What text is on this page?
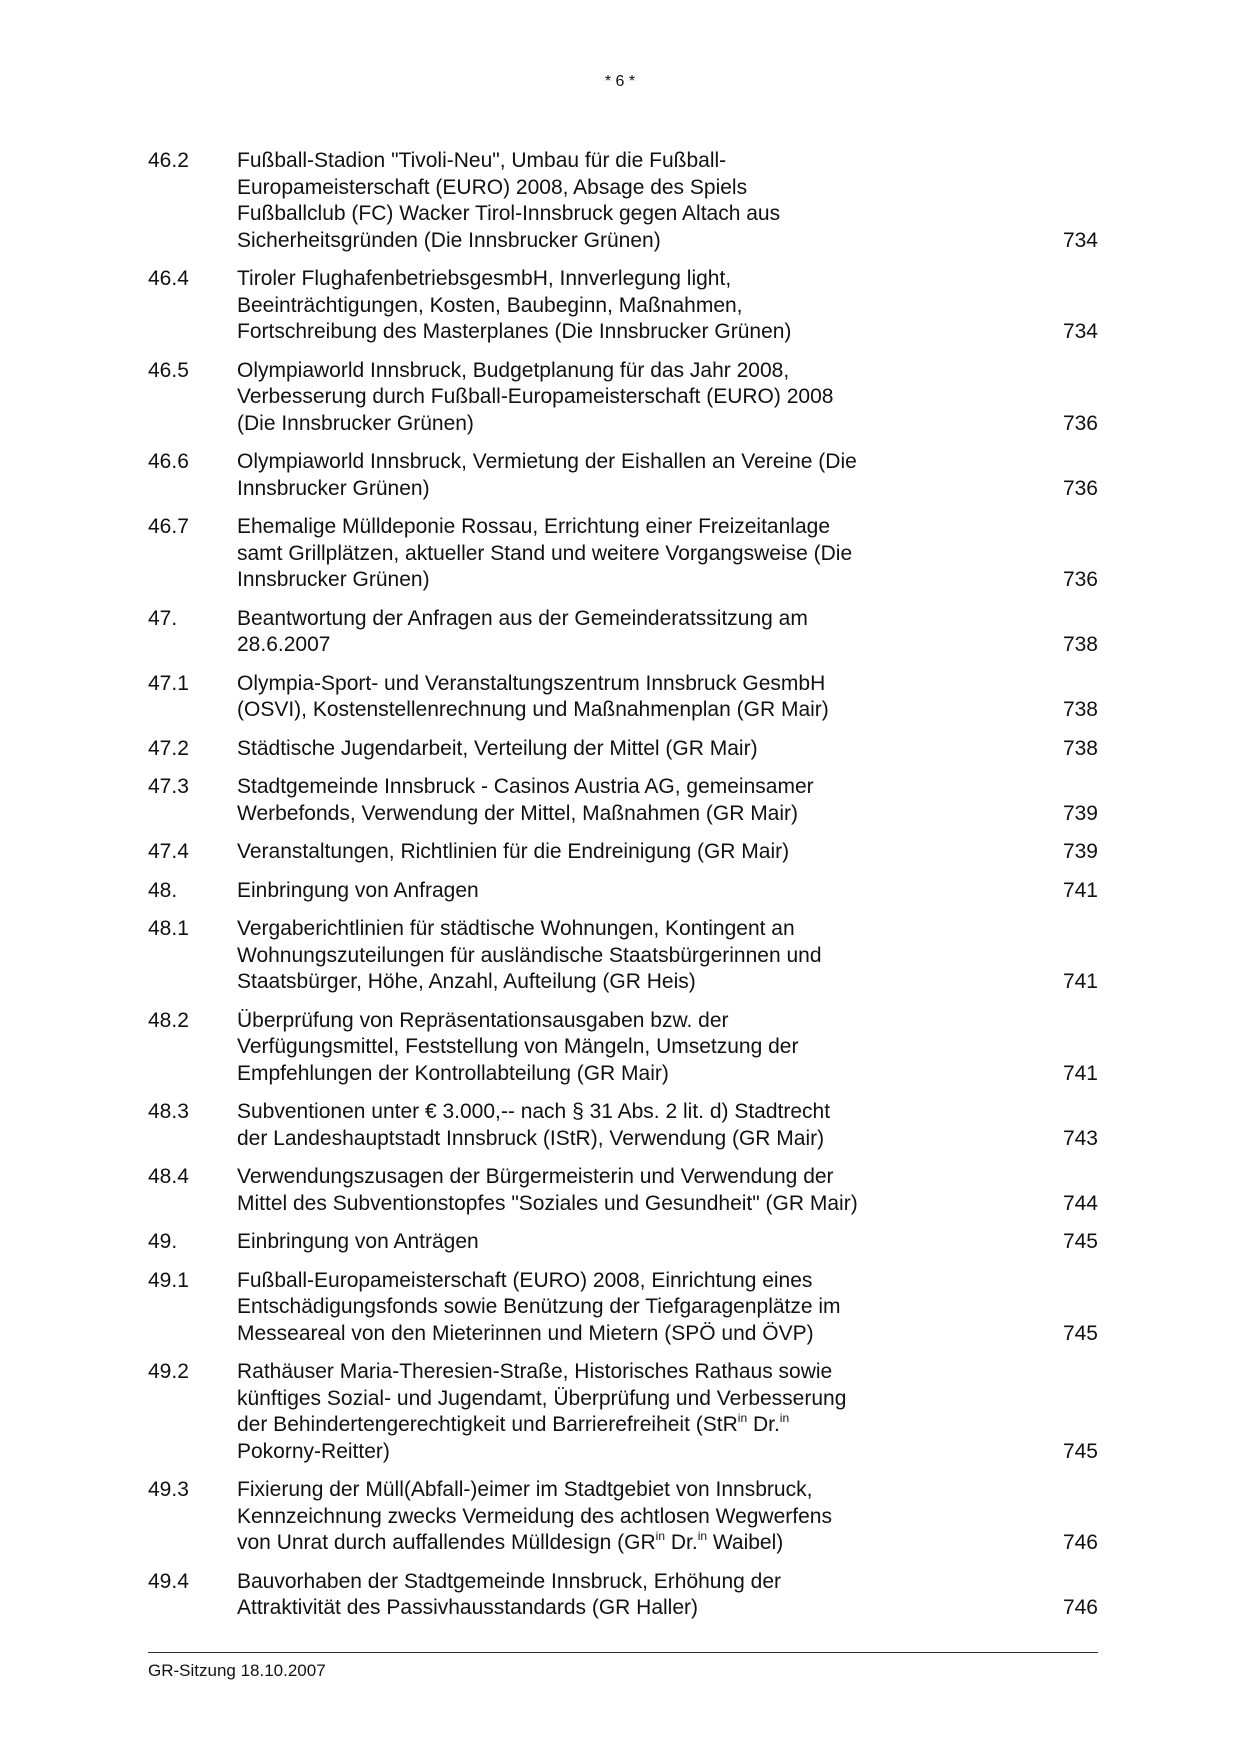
* 6 *
46.2	Fußball-Stadion "Tivoli-Neu", Umbau für die Fußball-
Europameisterschaft (EURO) 2008, Absage des Spiels
Fußballclub (FC) Wacker Tirol-Innsbruck gegen Altach aus
Sicherheitsgründen (Die Innsbrucker Grünen)	734
46.4	Tiroler FlughafenbetriebsgesmbH, Innverlegung light,
Beeinträchtigungen, Kosten, Baubeginn, Maßnahmen,
Fortschreibung des Masterplanes (Die Innsbrucker Grünen)	734
46.5	Olympiaworld Innsbruck, Budgetplanung für das Jahr 2008,
Verbesserung durch Fußball-Europameisterschaft (EURO) 2008
(Die Innsbrucker Grünen)	736
46.6	Olympiaworld Innsbruck, Vermietung der Eishallen an Vereine (Die
Innsbrucker Grünen)	736
46.7	Ehemalige Mülldeponie Rossau, Errichtung einer Freizeitanlage
samt Grillplätzen, aktueller Stand und weitere Vorgangsweise (Die
Innsbrucker Grünen)	736
47.	Beantwortung der Anfragen aus der Gemeinderatssitzung am
28.6.2007	738
47.1	Olympia-Sport- und Veranstaltungszentrum Innsbruck GesmbH
(OSVI), Kostenstellenrechnung und Maßnahmenplan (GR Mair)	738
47.2	Städtische Jugendarbeit, Verteilung der Mittel (GR Mair)	738
47.3	Stadtgemeinde Innsbruck - Casinos Austria AG, gemeinsamer
Werbefonds, Verwendung der Mittel, Maßnahmen (GR Mair)	739
47.4	Veranstaltungen, Richtlinien für die Endreinigung (GR Mair)	739
48.	Einbringung von Anfragen	741
48.1	Vergaberichtlinien für städtische Wohnungen, Kontingent an
Wohnungszuteilungen für ausländische Staatsbürgerinnen und
Staatsbürger, Höhe, Anzahl, Aufteilung (GR Heis)	741
48.2	Überprüfung von Repräsentationsausgaben bzw. der
Verfügungsmittel, Feststellung von Mängeln, Umsetzung der
Empfehlungen der Kontrollabteilung (GR Mair)	741
48.3	Subventionen unter € 3.000,-- nach § 31 Abs. 2 lit. d) Stadtrecht
der Landeshauptstadt Innsbruck (IStR), Verwendung (GR Mair)	743
48.4	Verwendungszusagen der Bürgermeisterin und Verwendung der
Mittel des Subventionstopfes "Soziales und Gesundheit" (GR Mair)	744
49.	Einbringung von Anträgen	745
49.1	Fußball-Europameisterschaft (EURO) 2008, Einrichtung eines
Entschädigungsfonds sowie Benützung der Tiefgaragenplätze im
Messeareal von den Mieterinnen und Mietern (SPÖ und ÖVP)	745
49.2	Rathäuser Maria-Theresien-Straße, Historisches Rathaus sowie
künftiges Sozial- und Jugendamt, Überprüfung und Verbesserung
der Behindertengerechtigkeit und Barrierefreiheit (StR$^{in}$ Dr.$^{in}$
Pokorny-Reitter)	745
49.3	Fixierung der Müll(Abfall-)eimer im Stadtgebiet von Innsbruck,
Kennzeichnung zwecks Vermeidung des achtlosen Wegwerfens
von Unrat durch auffallendes Mülldesign ($GR^{in}$ Dr.$^{in}$ Waibel)	746
49.4	Bauvorhaben der Stadtgemeinde Innsbruck, Erhöhung der
Attraktivität des Passivhausstandards (GR Haller)	746
GR-Sitzung 18.10.2007
